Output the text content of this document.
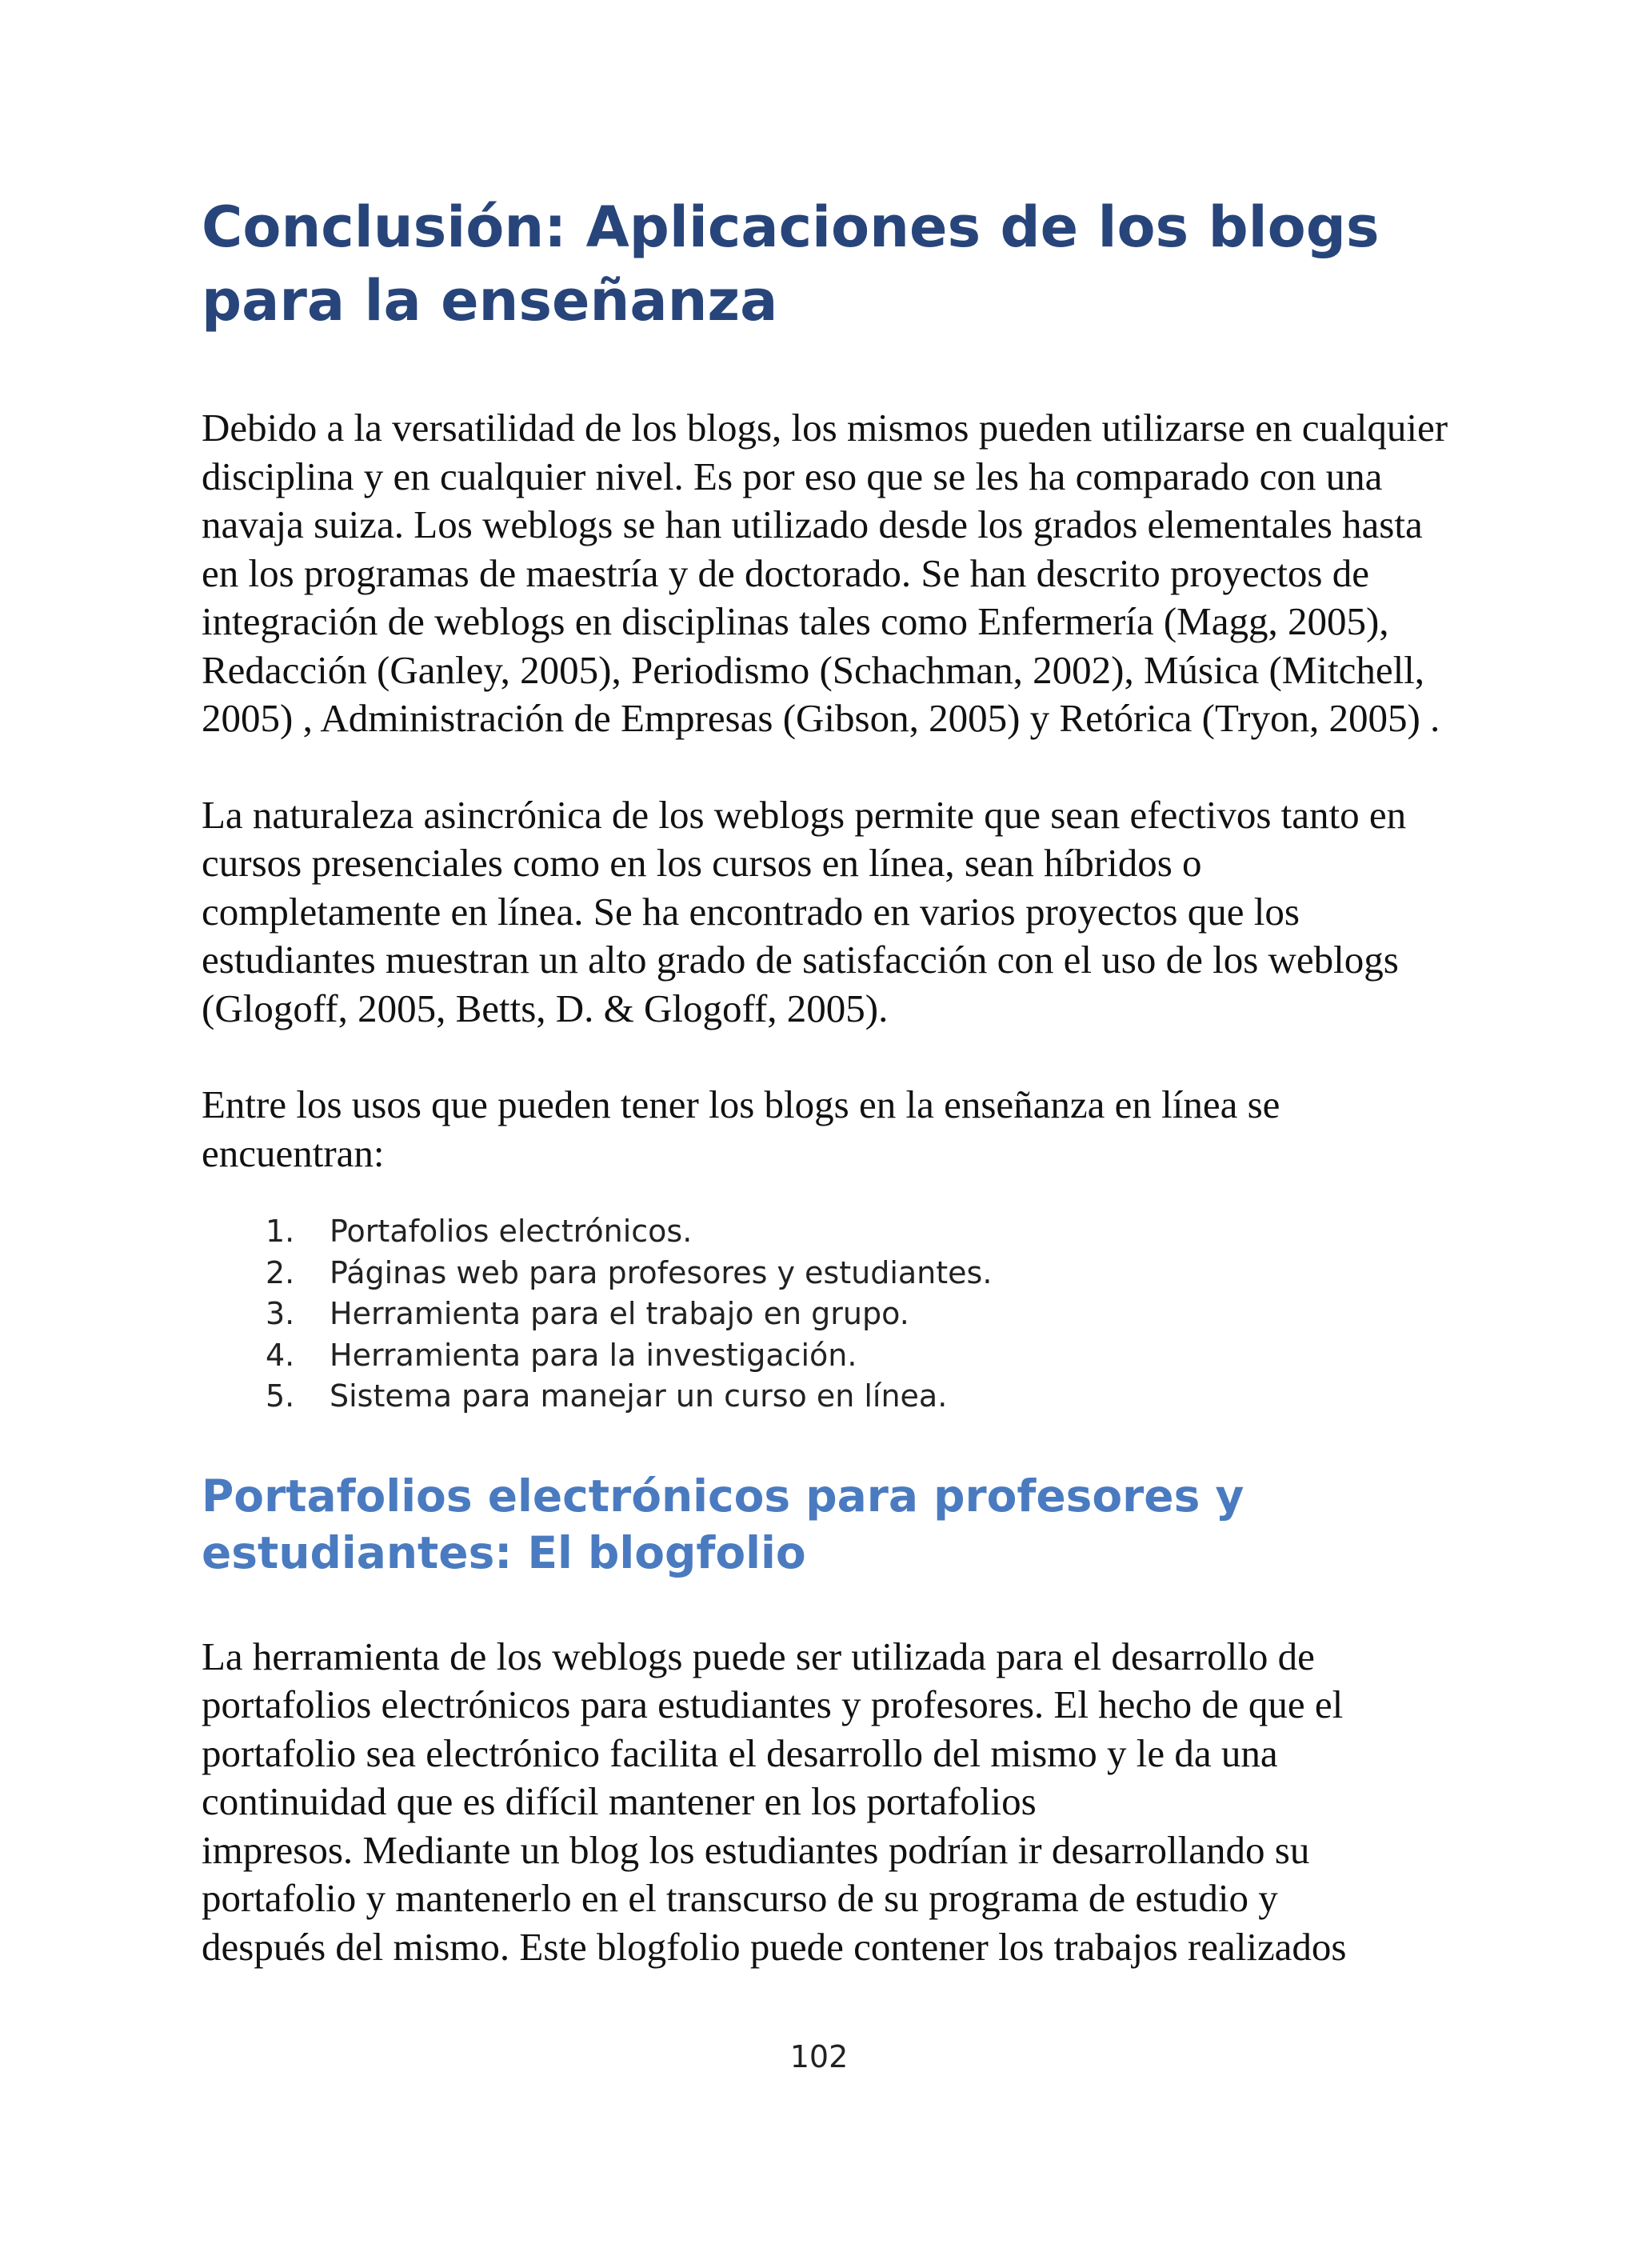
Conclusión: Aplicaciones de los blogs para la enseñanza

Debido a la versatilidad de los blogs, los mismos pueden utilizarse en cualquier disciplina y en cualquier nivel. Es por eso que se les ha comparado con una navaja suiza. Los weblogs se han utilizado desde los grados elementales hasta en los programas de maestría y de doctorado. Se han descrito proyectos de integración de weblogs en disciplinas tales como Enfermería (Magg, 2005), Redacción (Ganley, 2005), Periodismo (Schachman, 2002), Música (Mitchell, 2005) , Administración de Empresas (Gibson, 2005) y Retórica (Tryon, 2005) .

La naturaleza asincrónica de los weblogs permite que sean efectivos tanto en cursos presenciales como en los cursos en línea, sean híbridos o completamente en línea. Se ha encontrado en varios proyectos que los estudiantes muestran un alto grado de satisfacción con el uso de los weblogs (Glogoff, 2005, Betts, D. & Glogoff, 2005).

Entre los usos que pueden tener los blogs en la enseñanza en línea se encuentran:

1.	Portafolios electrónicos.
2.	Páginas web para profesores y estudiantes.
3.	Herramienta para el trabajo en grupo.
4.	Herramienta para la investigación.
5.	Sistema para manejar un curso en línea.
Portafolios electrónicos para profesores y estudiantes: El blogfolio
La herramienta de los weblogs puede ser utilizada para el desarrollo de
portafolios electrónicos para estudiantes y profesores. El hecho de que el
portafolio sea electrónico facilita el desarrollo del mismo y le da una
continuidad que es difícil mantener en los portafolios
impresos. Mediante un blog los estudiantes podrían ir desarrollando su
portafolio y mantenerlo en el transcurso de su programa de estudio y
después del mismo. Este blogfolio puede contener los trabajos realizados
102
